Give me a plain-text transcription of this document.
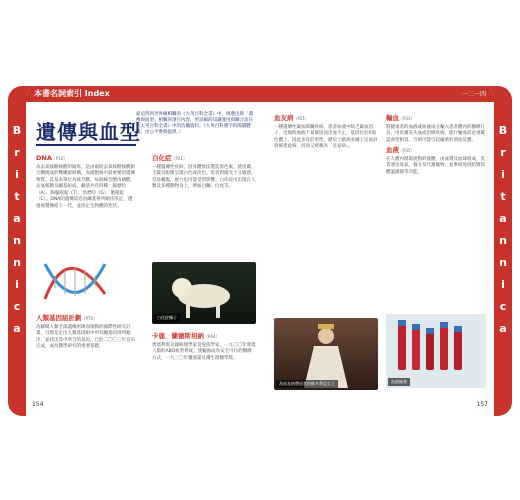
B
r
i
t
a
n
n
i
c
a
B
r
i
t
a
n
n
i
c
a
本書名詞索引 Index
遺傳與血型
從這得到世界級相關的《大英百科全書》中，挑選出與「遺傳與血型」相關的項目內容，更詳細的知識運用與聯合訪在《大英百科全書》中的浩瀚資料。（大英百科選字的閱讀體驗，由公平參與提供。）
DNA（P16）
為去氧核糖核酸的縮寫，是由兩股去氧核糖核酸相互纏繞成的雙螺旋結構，為細胞核中最重要的遺傳物質。其基本單位為核苷酸，每個核苷酸由磷酸、去氧核糖及鹼基組成，鹼基共有四種：腺嘌呤（A）、胸腺嘧啶（T）、鳥嘌呤（G）、胞嘧啶（C）。DNA的遺傳訊息由鹼基排列順序決定，透過複製傳給下一代，並決定生物體的性狀。
人類基因組計劃（P70）
為解開人類全部遺傳密碼而推動的國際性研究計畫，目標是定出人類基因組中所有鹼基的排列順序，並找出其中所含的基因，已於二〇〇三年宣布完成，成為醫學研究的重要基礎。
白化症（P21）
一種遺傳性疾病，因身體無法製造黑色素，使皮膚、毛髮及眼睛呈現白色或淡色。患者對陽光十分敏感，容易曬傷，視力也可能受到影響。白化症可出現在人類及多種動物身上，例如白獅、白虎等。
白化症獅子
卡鹿．蘭德斯坦納（P44）
奧地利裔美國病理學家及免疫學家，一九〇〇年發現人類的ABO血型系統，使輸血成為安全可行的醫療方式，一九三〇年獲頒諾貝爾生理醫學獎。
154
一二一四
血友病（P21）
一種遺傳性凝血障礙疾病，患者血液中缺乏凝血因子，受傷時血液不易凝固而出血不止。基因位於X染色體上，因此多見於男性。歷史上歐洲多國王室成員曾罹患此病，因而又被稱為「皇家病」。
為血友病帶因者的維多利亞女王
輸血（P33）
將健康者的血液或血液成分輸入患者體內的醫療行為，用於補充失血或治療疾病。進行輸血前必須確認血型相容，否則可能引起嚴重的溶血反應。
血液（P35）
在人體內循環流動的液體，由血漿及血球組成，負責運送氧氣、養分及代謝廢物，並參與免疫防禦與體溫調節等功能。
血液檢查
157
